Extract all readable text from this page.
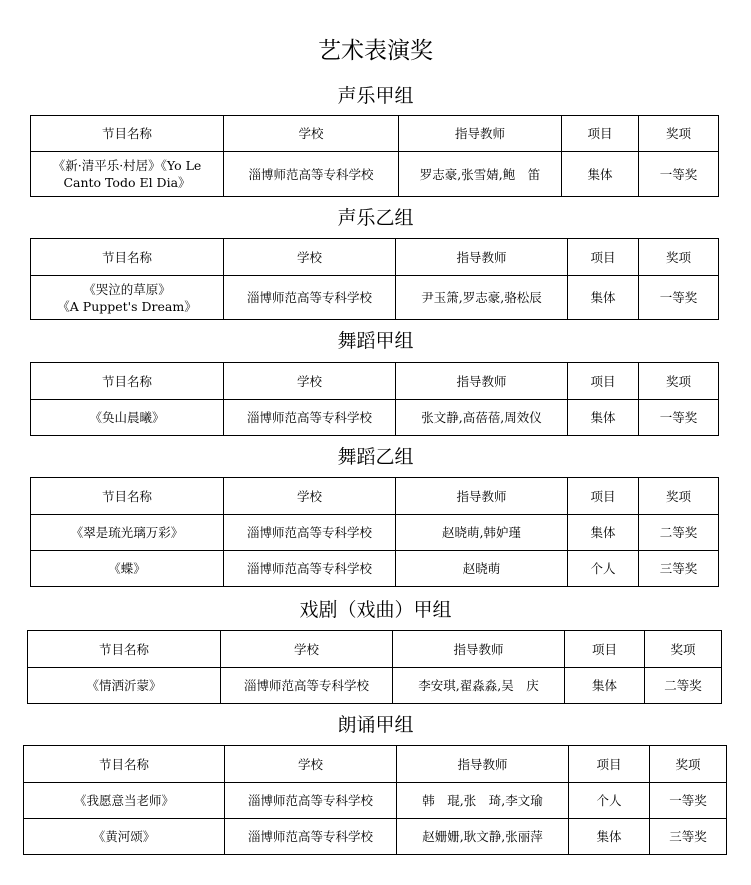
艺术表演奖
声乐甲组
节目名称	学校	指导教师	项目	奖项

《新·清平乐·村居》《Yo Le
Canto Todo El Dia》	淄博师范高等专科学校	罗志豪,张雪婧,鲍　笛	集体	一等奖
声乐乙组
节目名称	学校	指导教师	项目	奖项

《哭泣的草原》
《A Puppet's Dream》	淄博师范高等专科学校	尹玉箫,罗志豪,骆松辰	集体	一等奖
舞蹈甲组
节目名称	学校	指导教师	项目	奖项
《奂山晨曦》	淄博师范高等专科学校	张文静,高蓓蓓,周效仪	集体	一等奖
舞蹈乙组
节目名称	学校	指导教师	项目	奖项
《翠是琉光璃万彩》	淄博师范高等专科学校	赵晓萌,韩妒瑾	集体	二等奖
《蝶》	淄博师范高等专科学校	赵晓萌	个人	三等奖
戏剧（戏曲）甲组
节目名称	学校	指导教师	项目	奖项
《情洒沂蒙》	淄博师范高等专科学校	李安琪,翟淼淼,吴　庆	集体	二等奖
朗诵甲组
节目名称	学校	指导教师	项目	奖项
《我愿意当老师》	淄博师范高等专科学校	韩　琨,张　琦,李文瑜	个人	一等奖
《黄河颂》	淄博师范高等专科学校	赵姗姗,耿文静,张丽萍	集体	三等奖
